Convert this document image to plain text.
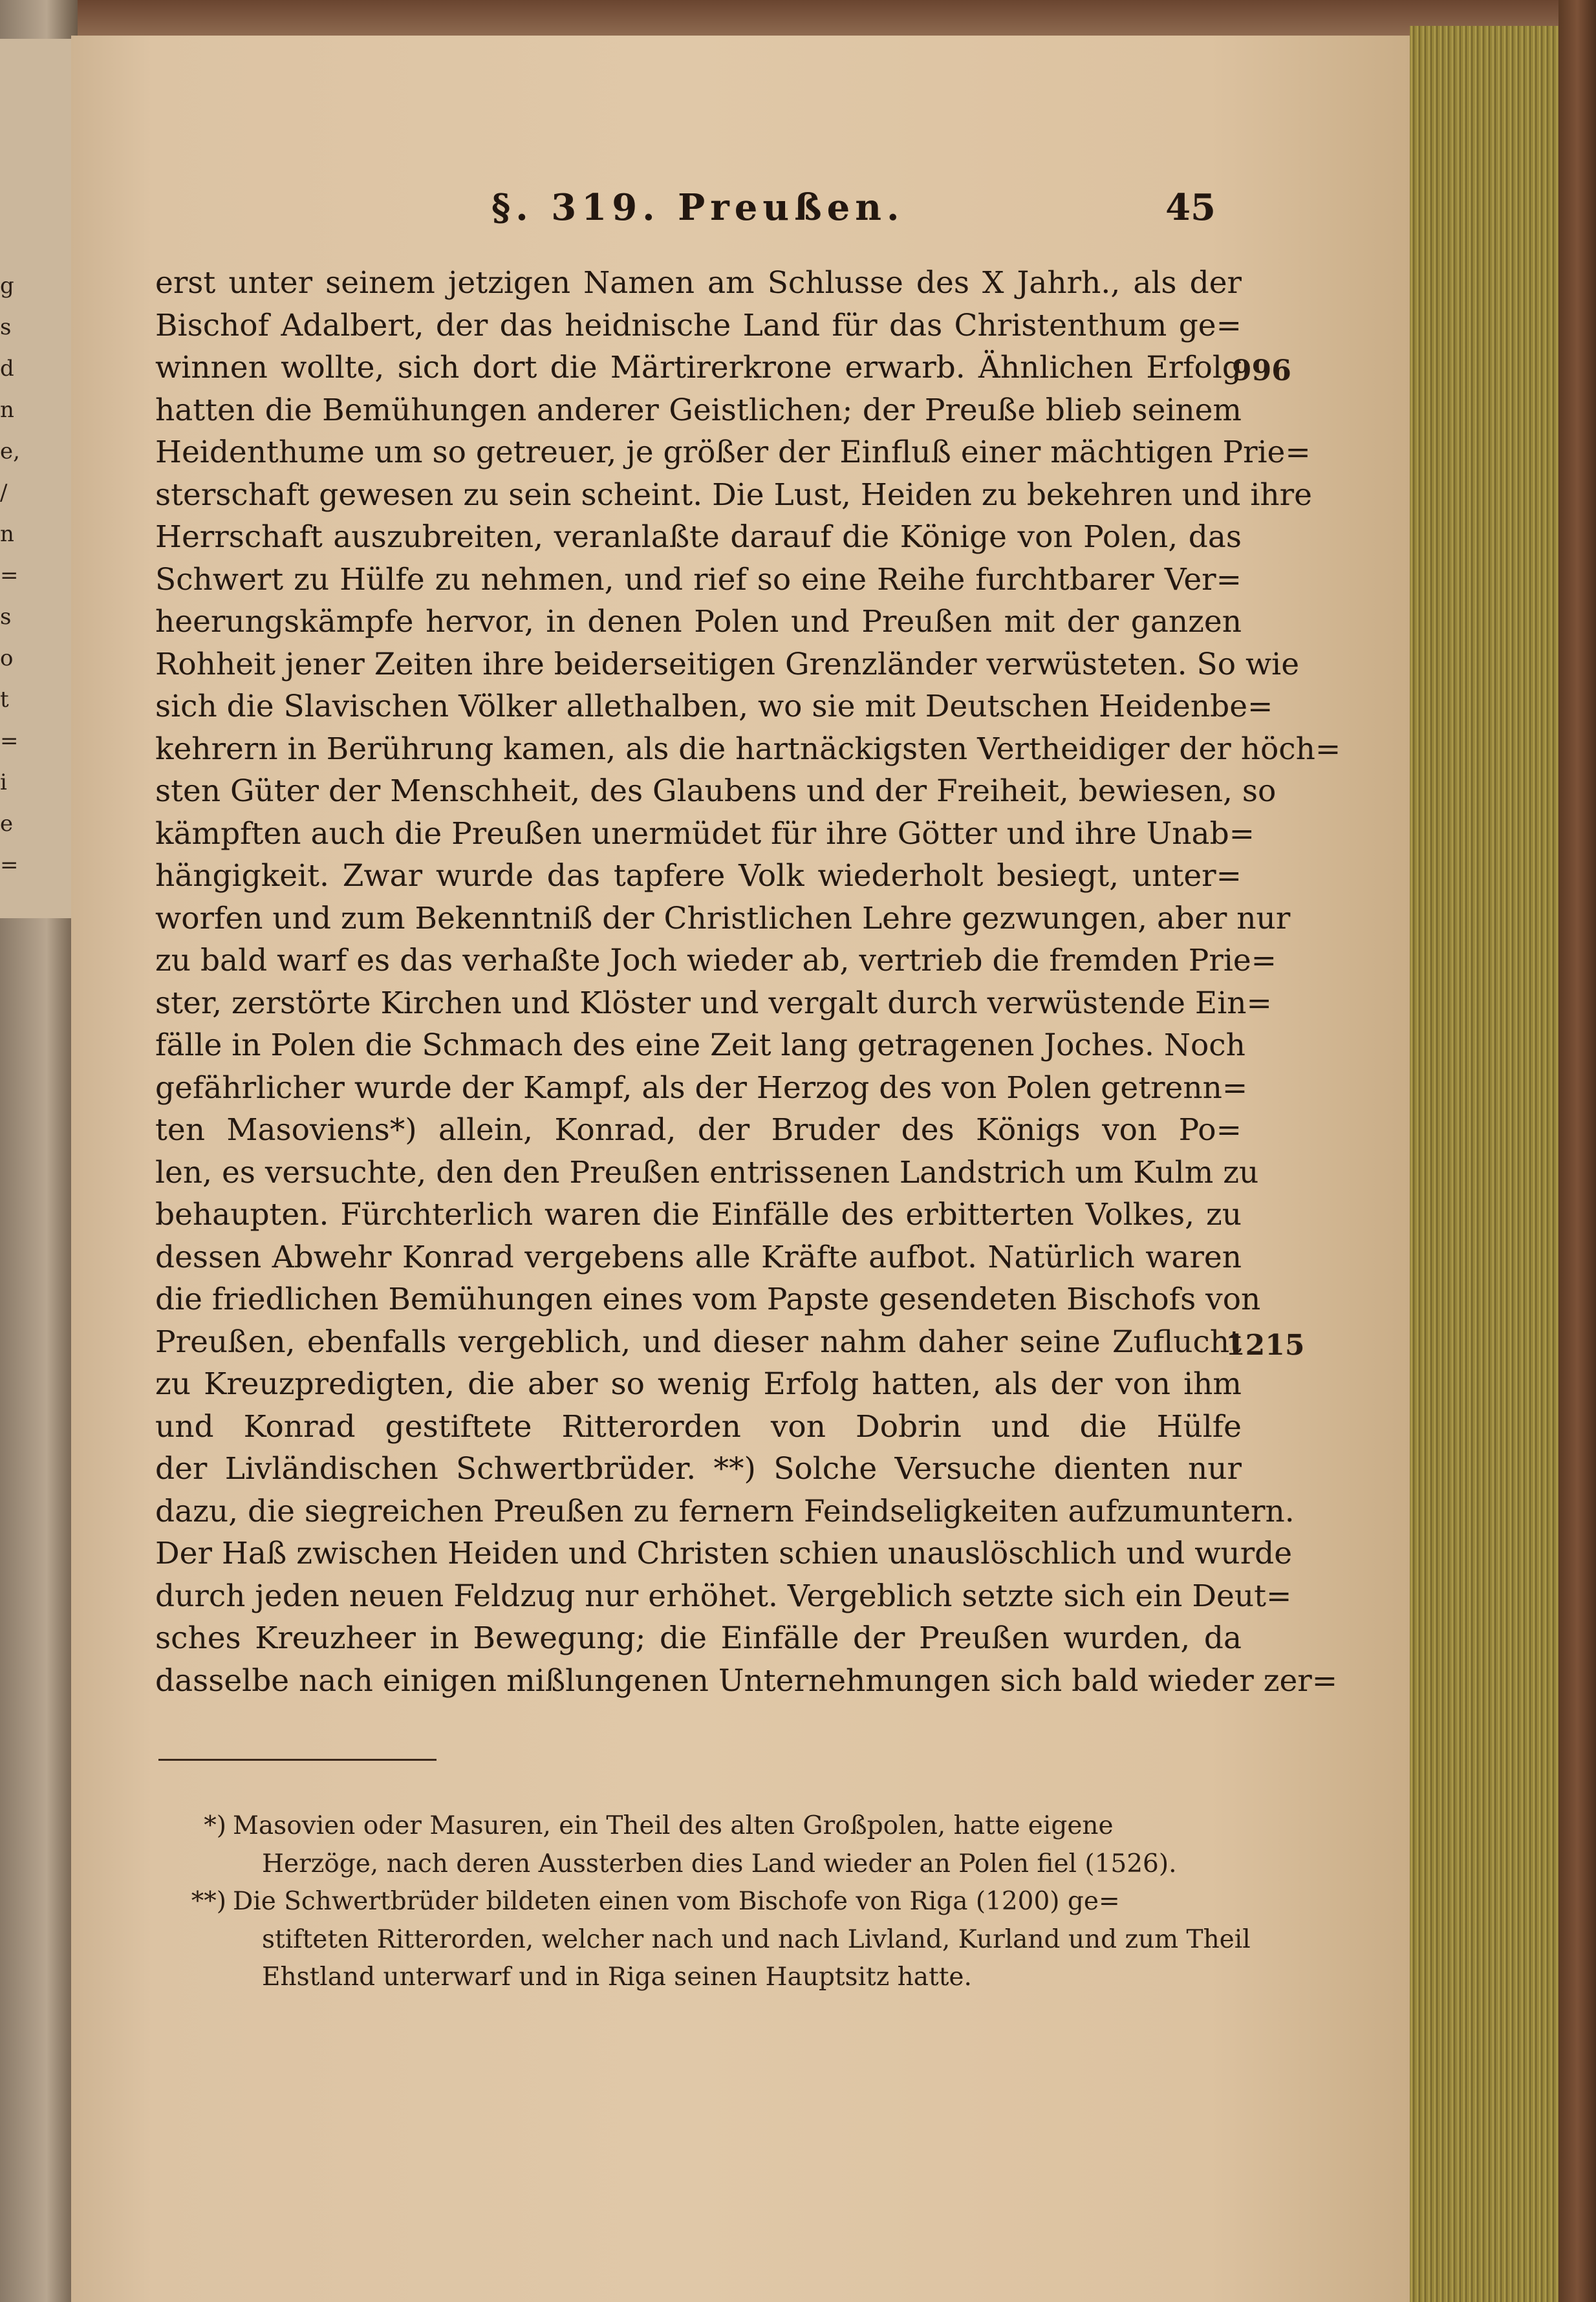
g
s
d
n
e,
/
n
=
s
o
t
=
i
e
=
§. 319. Preußen.	45
erst unter seinem jetzigen Namen am Schlusse des X Jahrh., als der
Bischof Adalbert, der das heidnische Land für das Christenthum ge=
winnen wollte, sich dort die Märtirerkrone erwarb. Ähnlichen Erfolg
hatten die Bemühungen anderer Geistlichen; der Preuße blieb seinem
Heidenthume um so getreuer, je größer der Einfluß einer mächtigen Prie=
sterschaft gewesen zu sein scheint. Die Lust, Heiden zu bekehren und ihre
Herrschaft auszubreiten, veranlaßte darauf die Könige von Polen, das
Schwert zu Hülfe zu nehmen, und rief so eine Reihe furchtbarer Ver=
heerungskämpfe hervor, in denen Polen und Preußen mit der ganzen
Rohheit jener Zeiten ihre beiderseitigen Grenzländer verwüsteten. So wie
sich die Slavischen Völker allethalben, wo sie mit Deutschen Heidenbe=
kehrern in Berührung kamen, als die hartnäckigsten Vertheidiger der höch=
sten Güter der Menschheit, des Glaubens und der Freiheit, bewiesen, so
kämpften auch die Preußen unermüdet für ihre Götter und ihre Unab=
hängigkeit. Zwar wurde das tapfere Volk wiederholt besiegt, unter=
worfen und zum Bekenntniß der Christlichen Lehre gezwungen, aber nur
zu bald warf es das verhaßte Joch wieder ab, vertrieb die fremden Prie=
ster, zerstörte Kirchen und Klöster und vergalt durch verwüstende Ein=
fälle in Polen die Schmach des eine Zeit lang getragenen Joches. Noch
gefährlicher wurde der Kampf, als der Herzog des von Polen getrenn=
ten Masoviens*) allein, Konrad, der Bruder des Königs von Po=
len, es versuchte, den den Preußen entrissenen Landstrich um Kulm zu
behaupten. Fürchterlich waren die Einfälle des erbitterten Volkes, zu
dessen Abwehr Konrad vergebens alle Kräfte aufbot. Natürlich waren
die friedlichen Bemühungen eines vom Papste gesendeten Bischofs von
Preußen, ebenfalls vergeblich, und dieser nahm daher seine Zuflucht
zu Kreuzpredigten, die aber so wenig Erfolg hatten, als der von ihm
und Konrad gestiftete Ritterorden von Dobrin und die Hülfe
der Livländischen Schwertbrüder. **) Solche Versuche dienten nur
dazu, die siegreichen Preußen zu fernern Feindseligkeiten aufzumuntern.
Der Haß zwischen Heiden und Christen schien unauslöschlich und wurde
durch jeden neuen Feldzug nur erhöhet. Vergeblich setzte sich ein Deut=
sches Kreuzheer in Bewegung; die Einfälle der Preußen wurden, da
dasselbe nach einigen mißlungenen Unternehmungen sich bald wieder zer=
996
1215
*) Masovien oder Masuren, ein Theil des alten Großpolen, hatte eigene
Herzöge, nach deren Aussterben dies Land wieder an Polen fiel (1526).
**) Die Schwertbrüder bildeten einen vom Bischofe von Riga (1200) ge=
stifteten Ritterorden, welcher nach und nach Livland, Kurland und zum Theil
Ehstland unterwarf und in Riga seinen Hauptsitz hatte.
